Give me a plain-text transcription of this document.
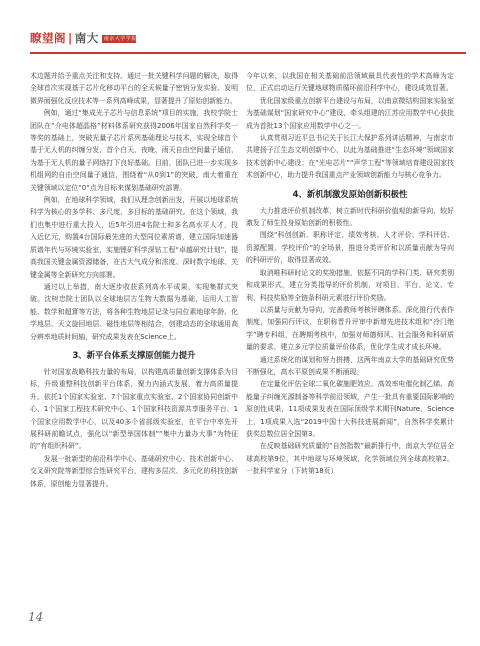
瞭望阁 | 南大 南京大学学报

术边题并给予重点关注和支持。通过一批关键科学问题的解决，取得全球首次实现基于芯片化移动平台的全天候量子密钥分发实验、发明微界面强化反应技术等一系列高峰成果，显著提升了原始创新能力。

例如，通过“集成光子芯片与信息系统”项目的实施，我校学院士团队在“介电体超晶格”材料体系研究获得2006年国家自然科学奖一等奖的基础上，突破光量子芯片系列基础理论与技术，实现全球首个基于无人机的纠缠分发，首个白天、夜晚、雨天自由空间量子通信，为基于无人机的量子网络打下良好基础。目前，团队已进一步实现多机组网的自由空间量子通信，围绕着“从0到1”的突破，南大着重在关键领域以定位“0”点为目标来谋划基础研究部署。

例如，在地球科学领域，我们从理念创新出发，开展以地球系统科学为核心的多学科、多尺度、多目标的基础研究。在这个领域，我们也集中进行重大投入，近5年引进4名院士和多名高水平人才，投入近亿元，购置4台国际最先进的大型同位素质谱，建立国际加速器质谱年代与环境实验室，实施锂矿科学深钻工程“卓越研究计划”，提高我国关键金属资源储备，在古大气成分和浓度、深时数字地球、关键金属等全新研究方向部署。

通过以上举措，南大逐步收获系列高水平成果，实现集群式突破。沈树忠院士团队以全球地层古生物大数据为基础，运用人工智能、数学和超算等方法，将各种生物地层记录与同位素地球年龄、化学地层、天文旋回地层、磁性地层等相结合，创建动态的全球通用高分辨率地质时间轴，研究成果发表在Science上。

3、新平台体系支撑原创能力提升

针对国家战略科技力量的布局，以构建高质量创新支撑体系为目标，升级重整科技创新平台体系，聚力内涵式发展，着力高质量提升。依托1个国家实验室、7个国家重点实验室、2个国家协同创新中心、1个国家工程技术研究中心、1个国家科技资源共享服务平台、1个国家应用数学中心，以及40多个省部级实验室，在平台中率先开展科研前瞻试点，强化以“新型举国体制”“集中力量办大事”为特征的“有组织科研”。

发展一批新型的前沿科学中心、基础研究中心、技术创新中心、交叉研究院等新型综合性研究平台，建构多层次、多元化的科技创新体系，原创能力显著提升。

今年以来，以我国在相关基础前沿领域最具代表性的学术高峰为定位，正式启动运行关键地球物质循环前沿科学中心，建设成效显著。

优化国家级重点创新平台建设与布局，以南京微结构国家实验室为基础谋划“国家研究中心”建设，牵头组建的江苏应用数学中心获批成为首批13个国家应用数学中心之一。

认真贯彻习近平总书记关于长江大保护系列讲话精神，与南京市共建扬子江生态文明创新中心，以此为基础推进“生态环境”领域国家技术创新中心建设；在“光电芯片”“声学工程”等领域培育建设国家技术创新中心，助力提升我国重点产业领域创新能力与核心竞争力。

4、新机制激发原始创新积极性

大力推进评价机制改革，树立新时代科研价值观的新导向，较好激发了师生投身原始创新的积极性。

围绕“科创创新、职称评定、绩效考核、人才评价、学科评估、资源配置、学校评价”的全场景，推进分类评价和以质量贡献为导向的科研评价，取得显著成效。

取消唯科研时论文的奖励措施，依据不同的学科门类、研究类别和成果形式，建立分类指导的评价机制，对项目、平台、论文、专利、科技奖励等全链条科研元素进行评价奖励。

以质量与贡献为导向，完善教师考核评聘体系。深化推行代表作制度，加强同行评议，在职称晋升评审中新增先进技术组和“冷门绝学”聘专科组，在聘期考核中，加强对师德师风、社会服务和科研质量的要求。建立多元学位质量评价体系，优化学生成才成长环境。

通过系统化的谋划和努力拼搏，这两年南京大学的基础研究优势不断强化，高水平原创成果不断涌现。

在定量化评估全球二氧化碳施肥效应、高效率电催化制乙烯、高能量子纠缠光源制备等科学前沿领域，产生一批具有重要国际影响的原创性成果，11项成果发表在国际顶级学术期刊Nature、Science上，1项成果入选“2019中国十大科技进展新闻”，自然科学奖累计获奖总数位居全国第3。

在反映基础研究质量的“自然指数”最新排行中，南京大学位居全球高校第9位，其中地球与环境领域、化学领域位列全球高校第2。一批科学家分（下转第18页）

14
